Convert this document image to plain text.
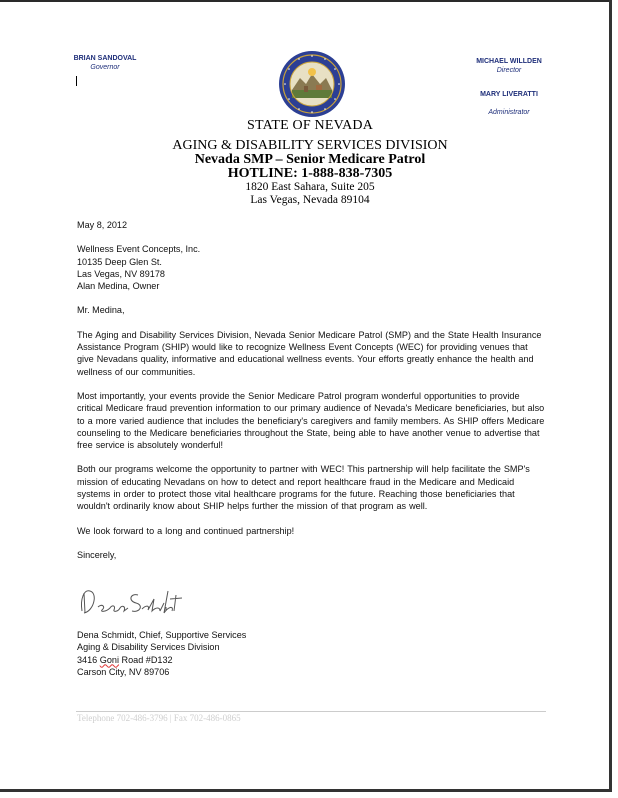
BRIAN SANDOVAL
Governor
MICHAEL WILLDEN
Director
MARY LIVERATTI
Administrator
STATE OF NEVADA
AGING & DISABILITY SERVICES DIVISION
Nevada SMP – Senior Medicare Patrol
HOTLINE: 1-888-838-7305
1820 East Sahara, Suite 205
Las Vegas, Nevada 89104

May 8, 2012

Wellness Event Concepts, Inc.

10135 Deep Glen St.

Las Vegas, NV 89178

Alan Medina, Owner

Mr. Medina,

The Aging and Disability Services Division, Nevada Senior Medicare Patrol (SMP) and the State Health Insurance Assistance Program (SHIP) would like to recognize Wellness Event Concepts (WEC) for providing venues that give Nevadans quality, informative and educational wellness events. Your efforts greatly enhance the health and wellness of our communities.

Most importantly, your events provide the Senior Medicare Patrol program wonderful opportunities to provide critical Medicare fraud prevention information to our primary audience of Nevada's Medicare beneficiaries, but also to a more varied audience that includes the beneficiary's caregivers and family members. As SHIP offers Medicare counseling to the Medicare beneficiaries throughout the State, being able to have another venue to advertise that free service is absolutely wonderful!

Both our programs welcome the opportunity to partner with WEC! This partnership will help facilitate the SMP's mission of educating Nevadans on how to detect and report healthcare fraud in the Medicare and Medicaid systems in order to protect those vital healthcare programs for the future. Reaching those beneficiaries that wouldn't ordinarily know about SHIP helps further the mission of that program as well.

We look forward to a long and continued partnership!

Sincerely,

Dena Schmidt, Chief, Supportive Services
Aging & Disability Services Division
3416 Goni Road #D132
Carson City, NV 89706
Telephone 702-486-3796 | Fax 702-486-0865
